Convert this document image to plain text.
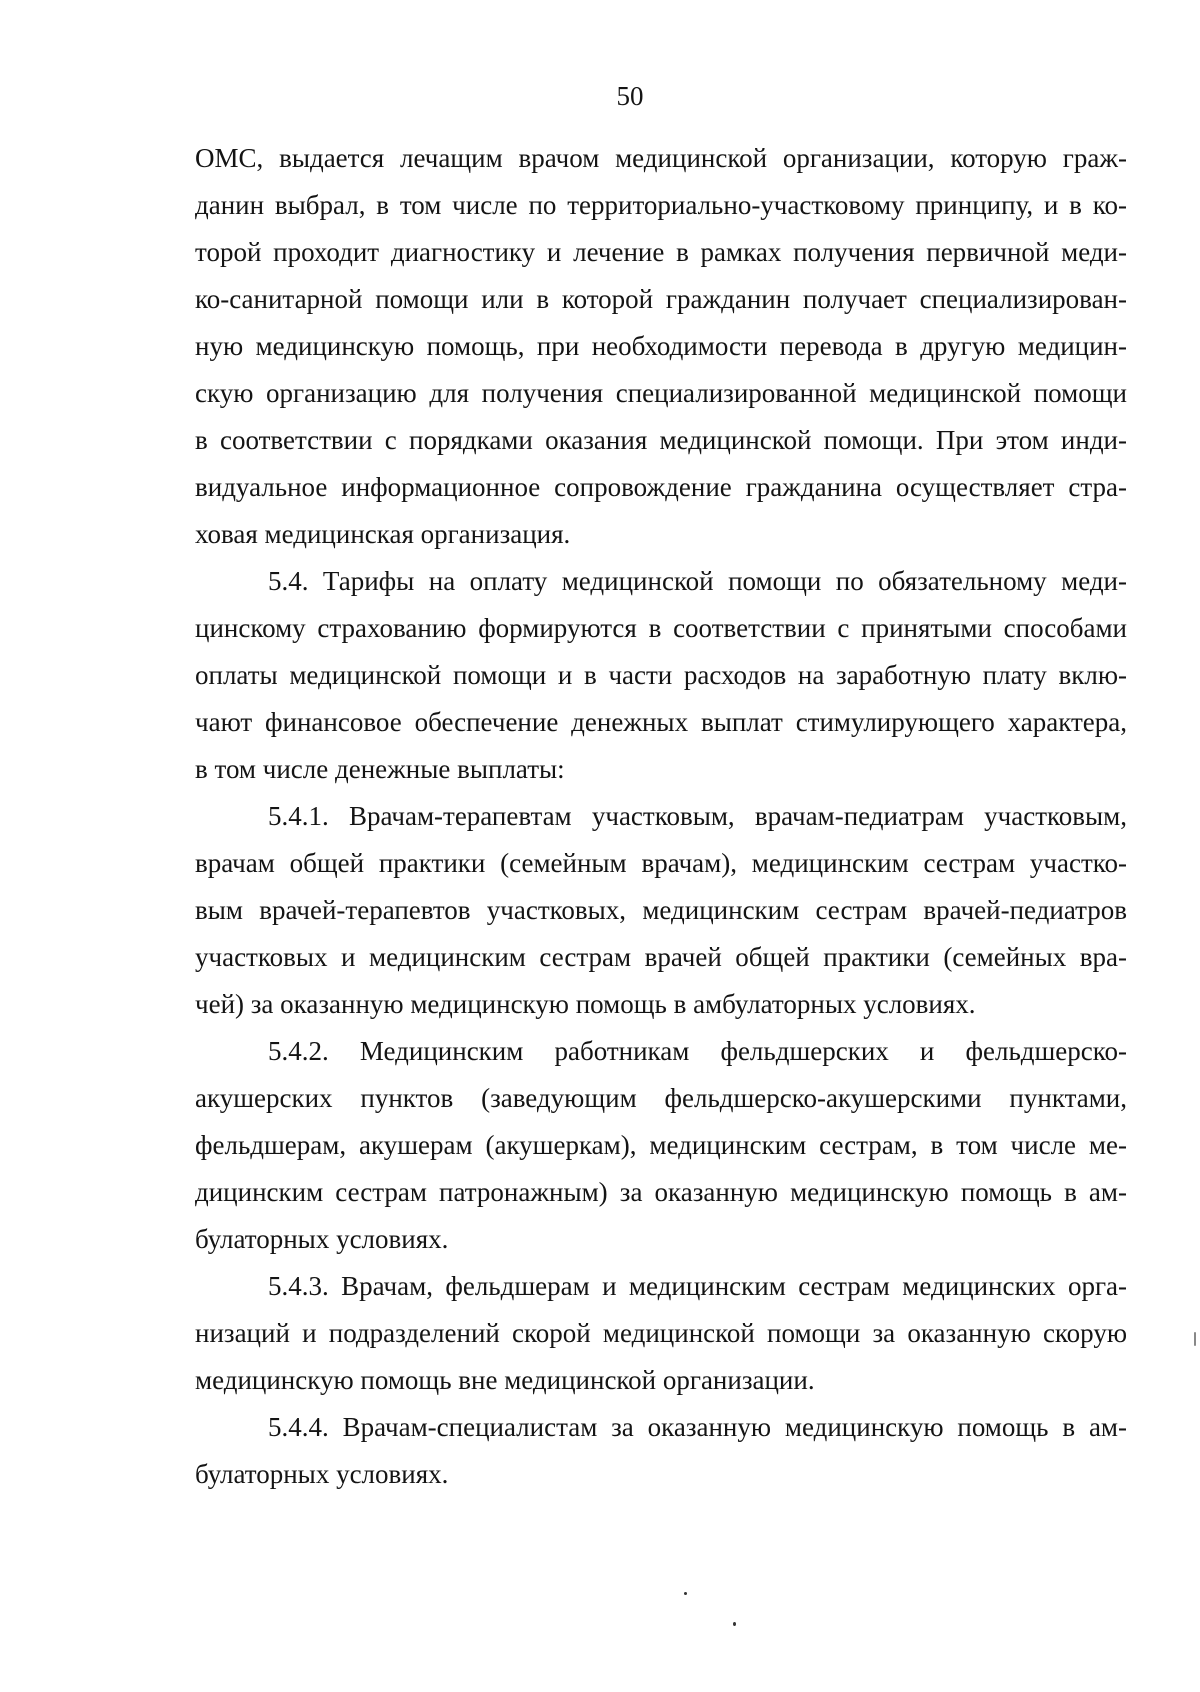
50
ОМС, выдается лечащим врачом медицинской организации, которую граж-
данин выбрал, в том числе по территориально-участковому принципу, и в ко-
торой проходит диагностику и лечение в рамках получения первичной меди-
ко-санитарной помощи или в которой гражданин получает специализирован-
ную медицинскую помощь, при необходимости перевода в другую медицин-
скую организацию для получения специализированной медицинской помощи
в соответствии с порядками оказания медицинской помощи. При этом инди-
видуальное информационное сопровождение гражданина осуществляет стра-
ховая медицинская организация.
5.4. Тарифы на оплату медицинской помощи по обязательному меди-
цинскому страхованию формируются в соответствии с принятыми способами
оплаты медицинской помощи и в части расходов на заработную плату вклю-
чают финансовое обеспечение денежных выплат стимулирующего характера,
в том числе денежные выплаты:
5.4.1. Врачам-терапевтам участковым, врачам-педиатрам участковым,
врачам общей практики (семейным врачам), медицинским сестрам участко-
вым врачей-терапевтов участковых, медицинским сестрам врачей-педиатров
участковых и медицинским сестрам врачей общей практики (семейных вра-
чей) за оказанную медицинскую помощь в амбулаторных условиях.
5.4.2. Медицинским работникам фельдшерских и фельдшерско-
акушерских пунктов (заведующим фельдшерско-акушерскими пунктами,
фельдшерам, акушерам (акушеркам), медицинским сестрам, в том числе ме-
дицинским сестрам патронажным) за оказанную медицинскую помощь в ам-
булаторных условиях.
5.4.3. Врачам, фельдшерам и медицинским сестрам медицинских орга-
низаций и подразделений скорой медицинской помощи за оказанную скорую
медицинскую помощь вне медицинской организации.
5.4.4. Врачам-специалистам за оказанную медицинскую помощь в ам-
булаторных условиях.
